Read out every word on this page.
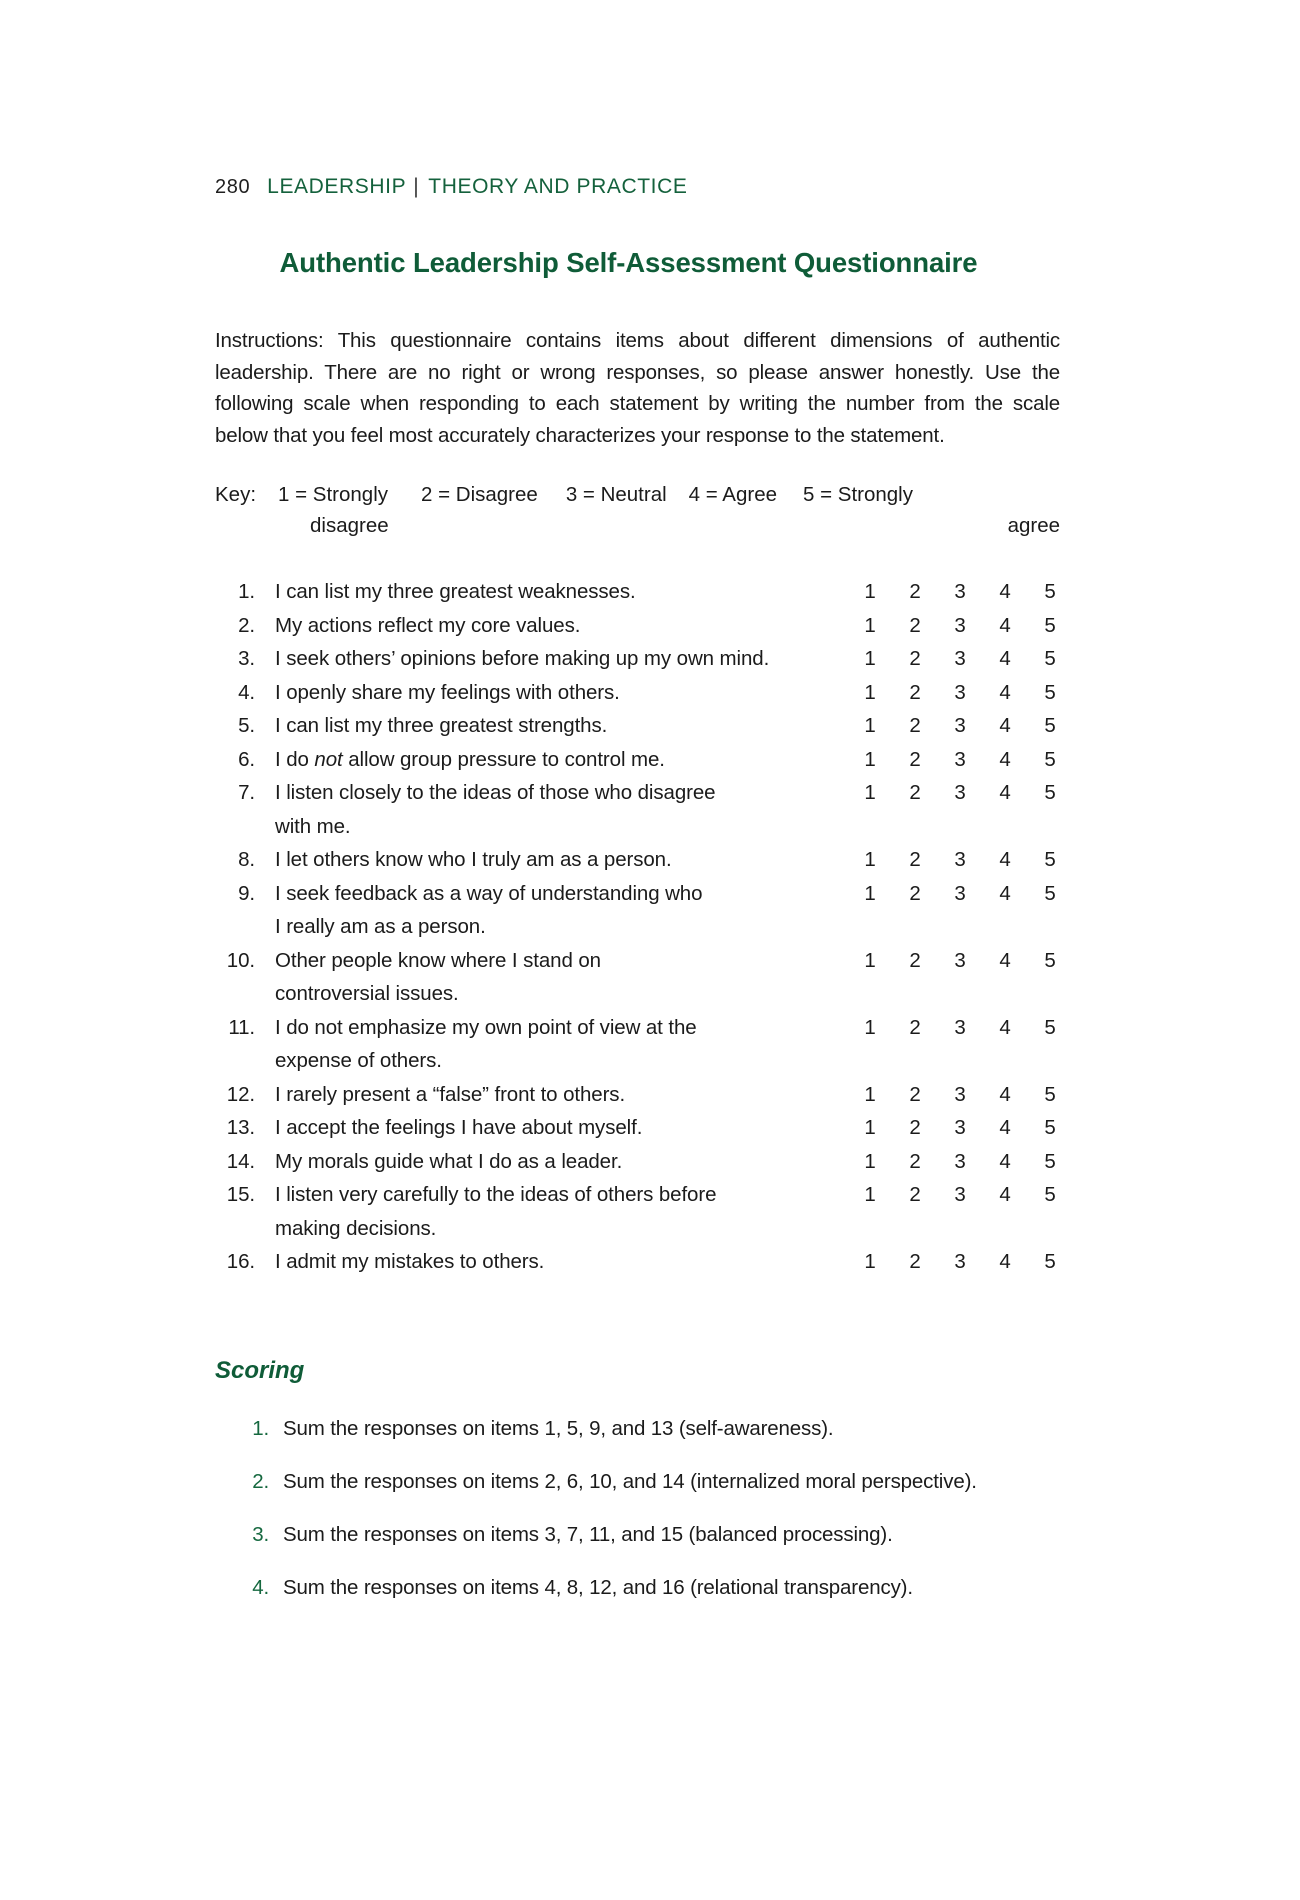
280 LEADERSHIP | THEORY AND PRACTICE
Authentic Leadership Self-Assessment Questionnaire

Instructions: This questionnaire contains items about different dimensions of authentic leadership. There are no right or wrong responses, so please answer honestly. Use the following scale when responding to each statement by writing the number from the scale below that you feel most accurately characterizes your response to the statement.

Key: 1 = Strongly 2 = Disagree 3 = Neutral 4 = Agree 5 = Strongly
disagree	agree
1. I can list my three greatest weaknesses.	1 2 3 4 5
2. My actions reflect my core values.	1 2 3 4 5
3. I seek others’ opinions before making up my own mind.	1 2 3 4 5
4. I openly share my feelings with others.	1 2 3 4 5
5. I can list my three greatest strengths.	1 2 3 4 5
6. I do not allow group pressure to control me.	1 2 3 4 5
7. I listen closely to the ideas of those who disagree
with me.
1 2 3 4 5
8. I let others know who I truly am as a person.	1 2 3 4 5
9. I seek feedback as a way of understanding who
I really am as a person.
1 2 3 4 5
10. Other people know where I stand on
controversial issues.
1 2 3 4 5
11. I do not emphasize my own point of view at the
expense of others.
1 2 3 4 5
12. I rarely present a “false” front to others.	1 2 3 4 5
13. I accept the feelings I have about myself.	1 2 3 4 5
14. My morals guide what I do as a leader.	1 2 3 4 5
15. I listen very carefully to the ideas of others before
making decisions.
1 2 3 4 5
16. I admit my mistakes to others.	1 2 3 4 5
Scoring
1. Sum the responses on items 1, 5, 9, and 13 (self-awareness).
2. Sum the responses on items 2, 6, 10, and 14 (internalized moral perspective).
3. Sum the responses on items 3, 7, 11, and 15 (balanced processing).
4. Sum the responses on items 4, 8, 12, and 16 (relational transparency).
